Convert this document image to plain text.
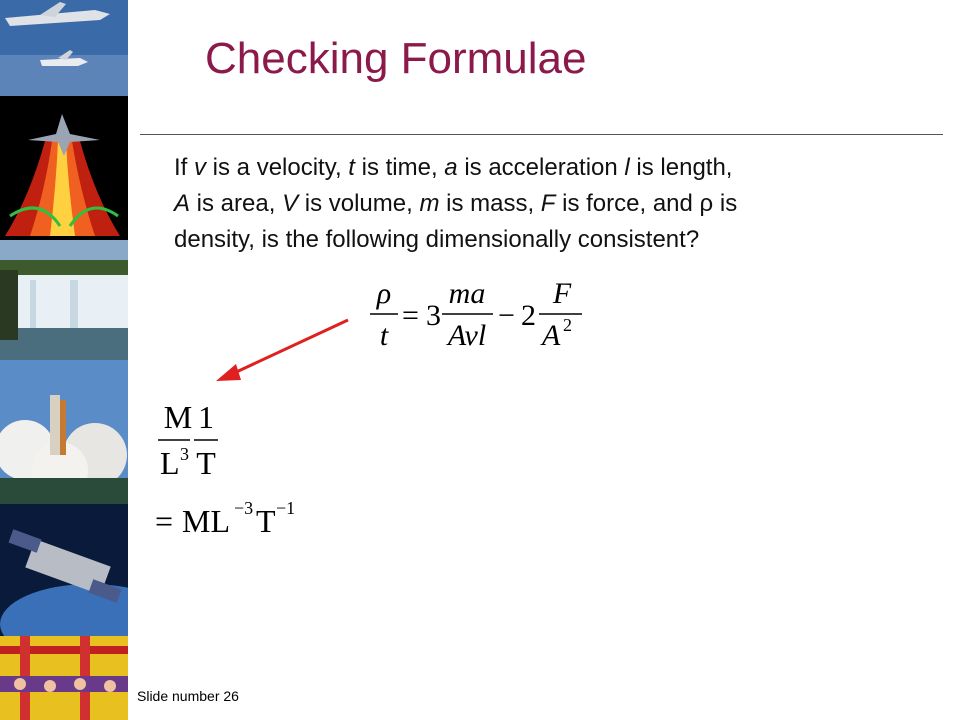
Checking Formulae
If v is a velocity, t is time, a is acceleration l is length,
A is area, V is volume, m is mass, F is force, and ρ is
density, is the following dimensionally consistent?
ρ
t
= 3
ma
Avl
− 2
F
A 2
M
L 3
1
T
= ML −3 T −1
Slide number 26
